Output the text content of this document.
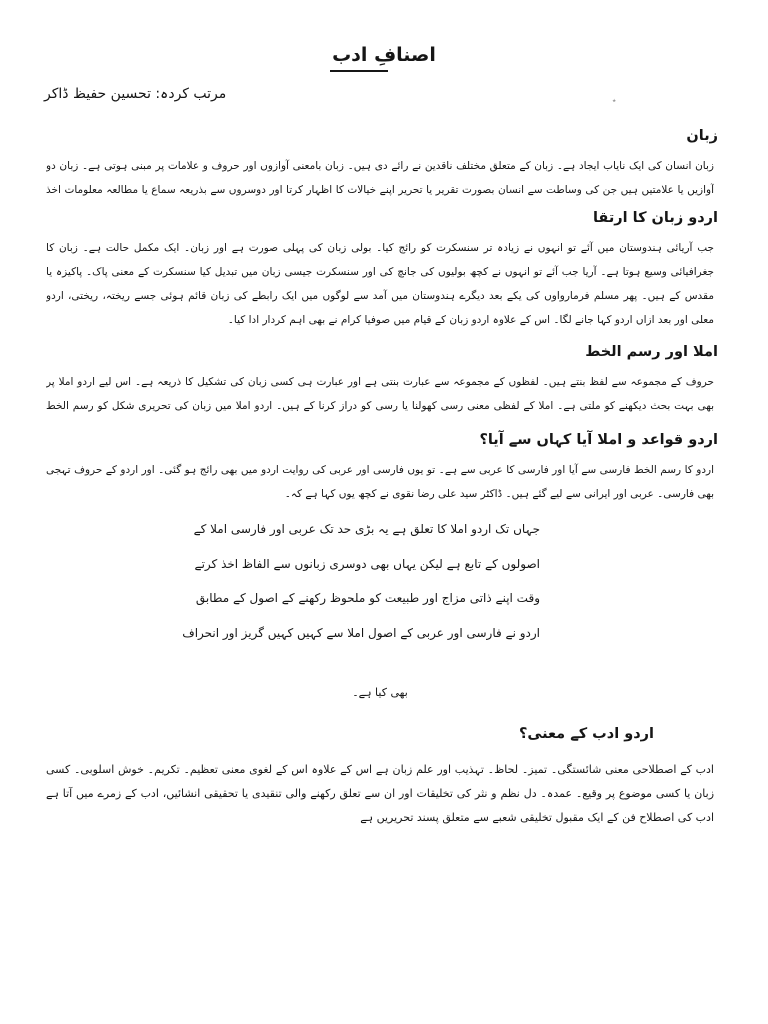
اصنافِ ادب
مرتب کردہ: تحسین حفیظ ڈاکر	٭
زبان

زبان انسان کی ایک نایاب ایجاد ہے۔ زبان کے متعلق مختلف ناقدین نے رائے دی ہیں۔ زبان بامعنی آوازوں اور حروف و علامات پر مبنی ہوتی ہے۔ زبان دو آوازیں یا علامتیں ہیں جن کی وساطت سے انسان بصورت تقریر یا تحریر اپنے خیالات کا اظہار کرتا اور دوسروں سے بذریعہ سماع یا مطالعہ معلومات اخذ

اردو زبان کا ارتقا

جب آریائی ہندوستان میں آئے تو انہوں نے زیادہ تر سنسکرت کو رائج کیا۔ بولی زبان کی پہلی صورت ہے اور زبان۔ ایک مکمل حالت ہے۔ زبان کا جغرافیائی وسیع ہوتا ہے۔ آریا جب آئے تو انہوں نے کچھ بولیوں کی جانچ کی اور سنسکرت جیسی زبان میں تبدیل کیا سنسکرت کے معنی پاک۔ پاکیزہ یا مقدس کے ہیں۔ پھر مسلم فرمارواوں کی یکے بعد دیگرے ہندوستان میں آمد سے لوگوں میں ایک رابطے کی زبان قائم ہوئی جسے ریختہ، ریختی، اردو معلی اور بعد ازاں اردو کہا جانے لگا۔ اس کے علاوہ اردو زبان کے قیام میں صوفیا کرام نے بھی اہم کردار ادا کیا۔

املا اور رسم الخط

حروف کے مجموعہ سے لفظ بنتے ہیں۔ لفظوں کے مجموعہ سے عبارت بنتی ہے اور عبارت ہی کسی زبان کی تشکیل کا ذریعہ ہے۔ اس لیے اردو املا پر بھی بہت بحث دیکھنے کو ملتی ہے۔ املا کے لفظی معنی رسی کھولنا یا رسی کو دراز کرنا کے ہیں۔ اردو املا میں زبان کی تحریری شکل کو رسم الخط

اردو قواعد و املا آیا کہاں سے آیا؟

اردو کا رسم الخط فارسی سے آیا اور فارسی کا عربی سے ہے۔ تو یوں فارسی اور عربی کی روایت اردو میں بھی رائج ہو گئی۔ اور اردو کے حروف تہجی بھی فارسی۔ عربی اور ایرانی سے لیے گئے ہیں۔ ڈاکٹر سید علی رضا نقوی نے کچھ یوں کہا ہے کہ۔

جہاں تک اردو املا کا تعلق ہے یہ بڑی حد تک عربی اور فارسی املا کے
اصولوں کے تابع ہے لیکن یہاں بھی دوسری زبانوں سے الفاظ اخذ کرتے
وقت اپنے ذاتی مزاج اور طبیعت کو ملحوظ رکھنے کے اصول کے مطابق
اردو نے فارسی اور عربی کے اصول املا سے کہیں کہیں گریز اور انحراف
بھی کیا ہے۔
اردو ادب کے معنی؟

ادب کے اصطلاحی معنی شائستگی۔ تمیز۔ لحاظ۔ تہذیب اور علم زبان ہے اس کے علاوہ اس کے لغوی معنی تعظیم۔ تکریم۔ خوش اسلوبی۔ کسی زبان یا کسی موضوع پر وقیع۔ عمدہ۔ دل نظم و نثر کی تخلیقات اور ان سے تعلق رکھنے والی تنقیدی یا تحقیقی انشائیں، ادب کے زمرے میں آتا ہے ادب کی اصطلاح فن کے ایک مقبول تخلیقی شعبے سے متعلق پسند تحریریں ہے
